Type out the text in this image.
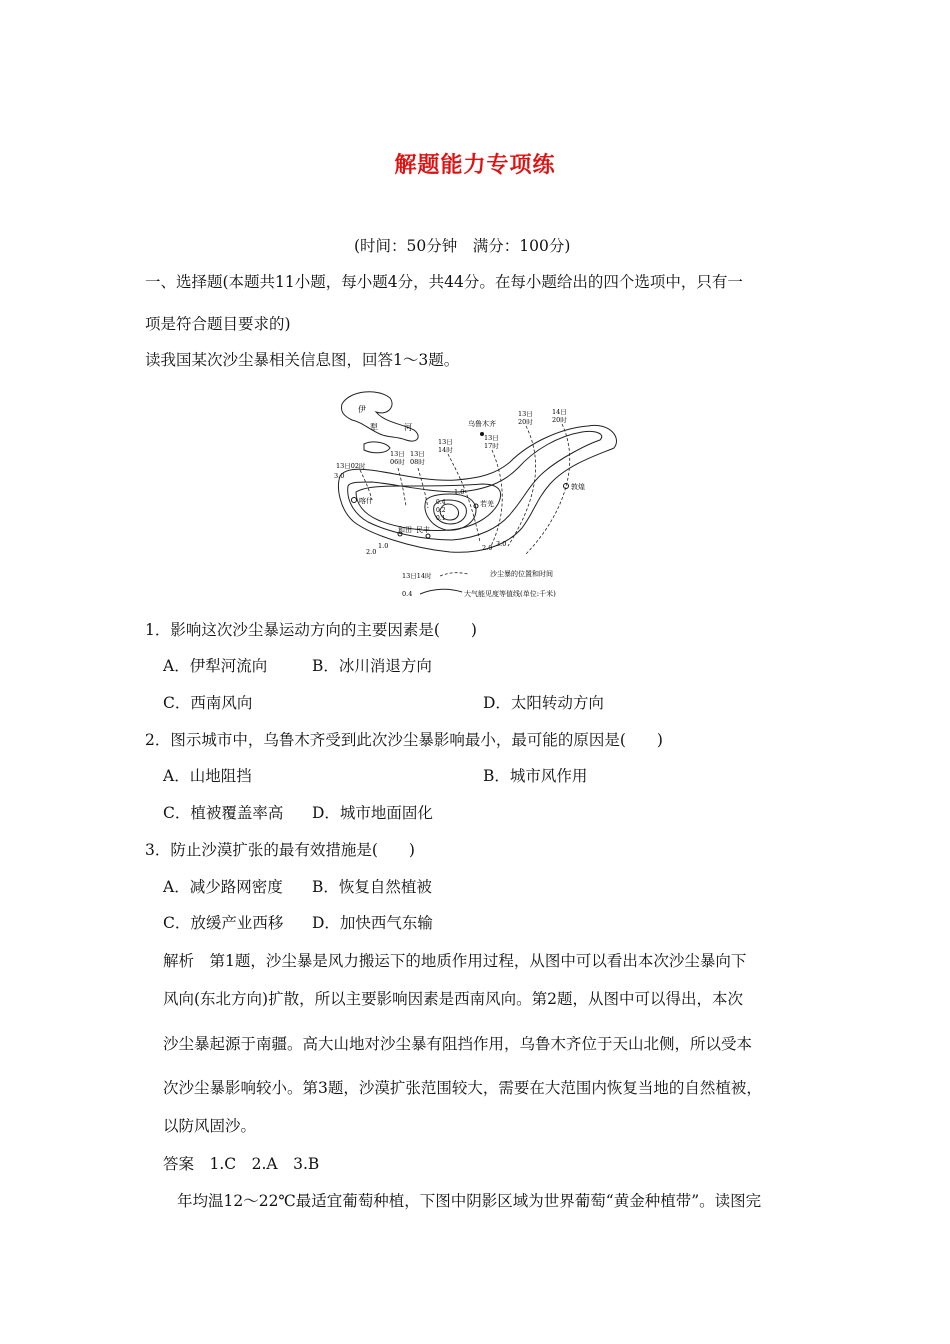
解题能力专项练
(时间：50分钟　满分：100分)
一、选择题(本题共11小题，每小题4分，共44分。在每小题给出的四个选项中，只有一
项是符合题目要求的)
读我国某次沙尘暴相关信息图，回答1～3题。
伊
犁	河	乌鲁木齐
13日02时
13日
06时
13日
08时
13日
14时
13日
17时
13日
20时
14日
20时
3.0
3.0
2.0	2.0
1.0
1.0
0.4
0.2
0.1
喀什	若羌
敦煌
和田 民丰
13日14时	沙尘暴的位置和时间
0.4	大气能见度等值线(单位:千米)
1．影响这次沙尘暴运动方向的主要因素是(　　)
A．伊犁河流向	B．冰川消退方向
C．西南风向	D．太阳转动方向
2．图示城市中，乌鲁木齐受到此次沙尘暴影响最小，最可能的原因是(　　)
A．山地阻挡	B．城市风作用
C．植被覆盖率高 D．城市地面固化
3．防止沙漠扩张的最有效措施是(　　)
A．减少路网密度 B．恢复自然植被
C．放缓产业西移 D．加快西气东输
解析　第1题，沙尘暴是风力搬运下的地质作用过程，从图中可以看出本次沙尘暴向下
风向(东北方向)扩散，所以主要影响因素是西南风向。第2题，从图中可以得出，本次
沙尘暴起源于南疆。高大山地对沙尘暴有阻挡作用，乌鲁木齐位于天山北侧，所以受本
次沙尘暴影响较小。第3题，沙漠扩张范围较大，需要在大范围内恢复当地的自然植被，
以防风固沙。
答案　1.C　2.A　3.B
年均温12～22℃最适宜葡萄种植，下图中阴影区域为世界葡萄“黄金种植带”。读图完
